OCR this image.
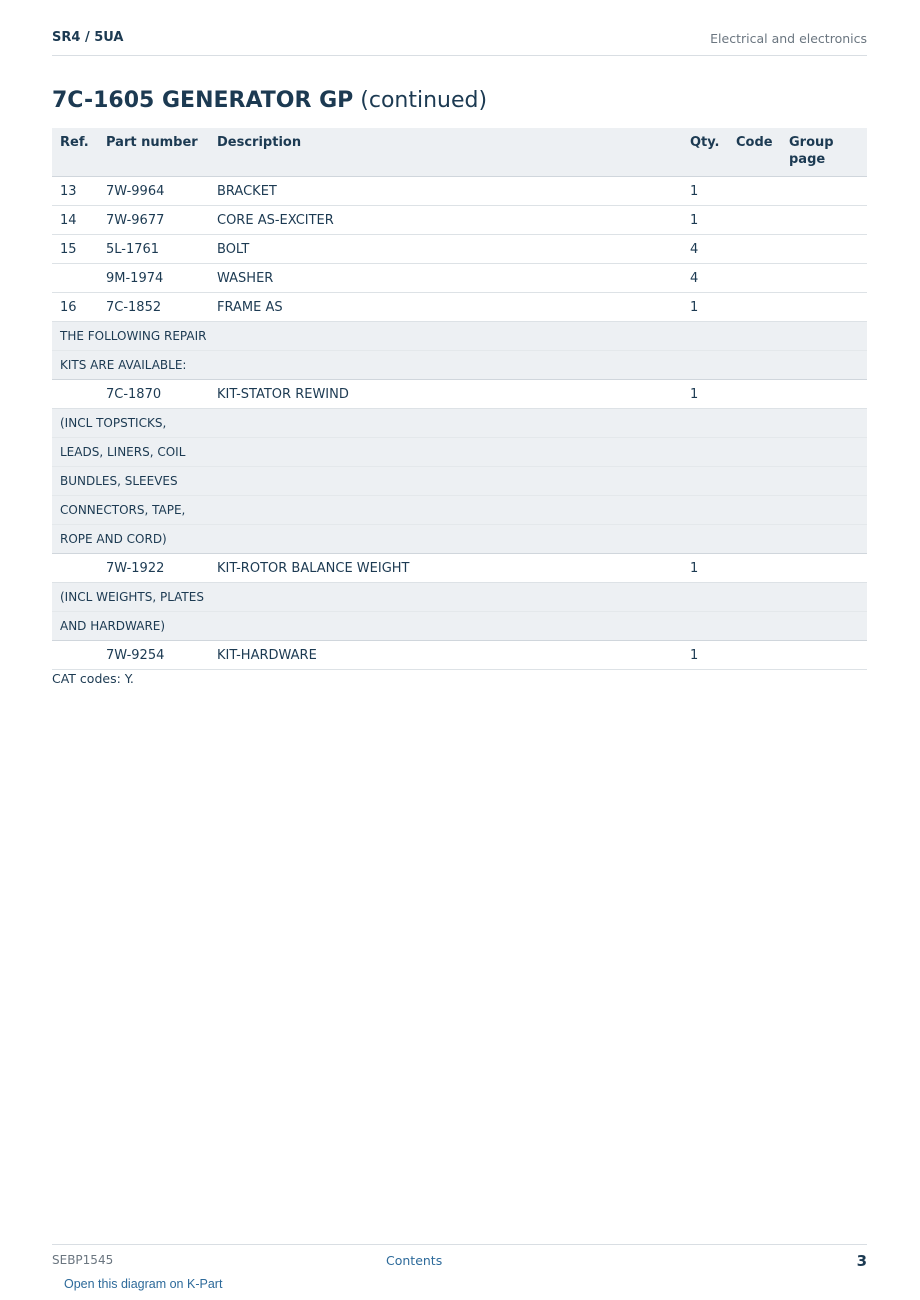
SR4 / 5UA	Electrical and electronics
7C-1605 GENERATOR GP (continued)
Ref.	Part number	Description	Qty.	Code	Group page
13	7W-9964	BRACKET	1		
14	7W-9677	CORE AS-EXCITER	1		
15	5L-1761	BOLT	4		
	9M-1974	WASHER	4		
16	7C-1852	FRAME AS	1		
THE FOLLOWING REPAIR					
KITS ARE AVAILABLE:					
	7C-1870	KIT-STATOR REWIND	1		
(INCL TOPSTICKS,					
LEADS, LINERS, COIL					
BUNDLES, SLEEVES					
CONNECTORS, TAPE,					
ROPE AND CORD)					
	7W-1922	KIT-ROTOR BALANCE WEIGHT	1		
(INCL WEIGHTS, PLATES					
AND HARDWARE)					
	7W-9254	KIT-HARDWARE	1		
CAT codes: Y.
SEBP1545	Contents	3
Open this diagram on K-Part
